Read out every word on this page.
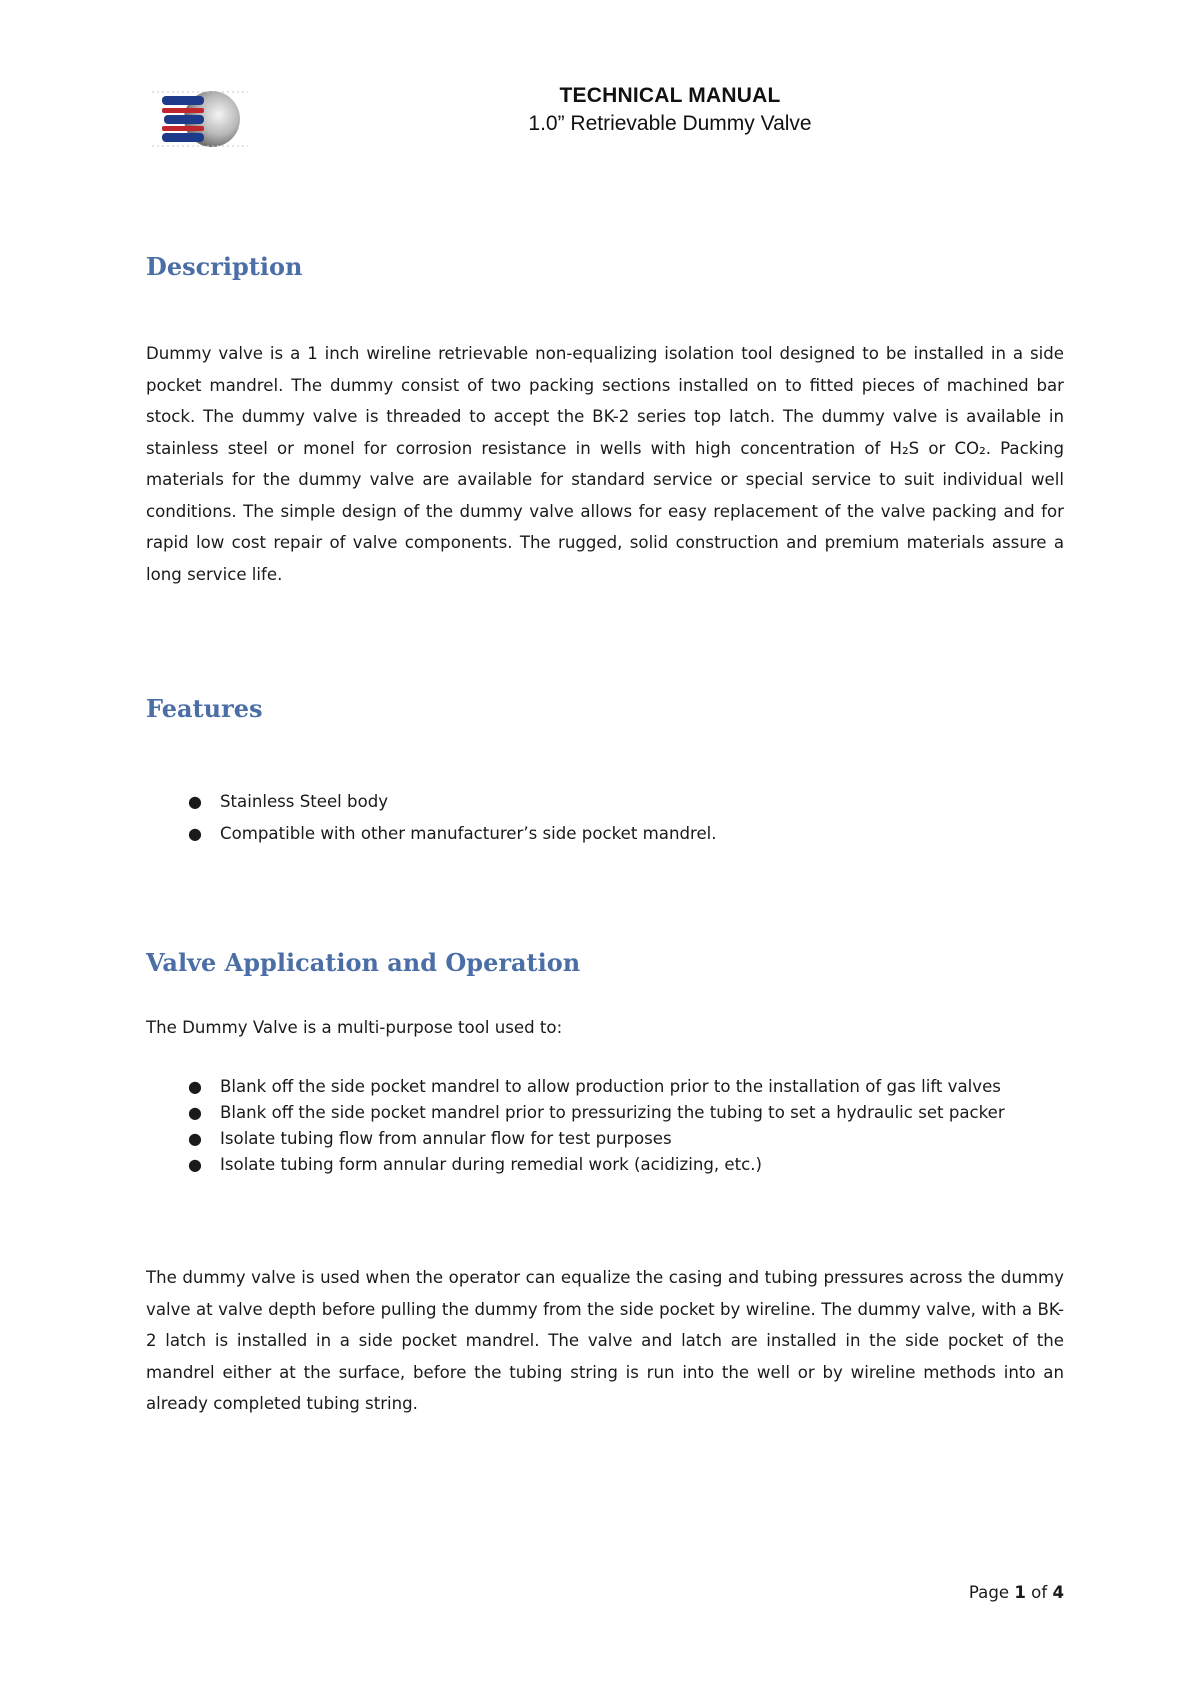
TECHNICAL MANUAL
1.0” Retrievable Dummy Valve
Description

Dummy valve is a 1 inch wireline retrievable non-equalizing isolation tool designed to be installed in a side pocket mandrel. The dummy consist of two packing sections installed on to fitted pieces of machined bar stock. The dummy valve is threaded to accept the BK-2 series top latch. The dummy valve is available in stainless steel or monel for corrosion resistance in wells with high concentration of H₂S or CO₂. Packing materials for the dummy valve are available for standard service or special service to suit individual well conditions. The simple design of the dummy valve allows for easy replacement of the valve packing and for rapid low cost repair of valve components. The rugged, solid construction and premium materials assure a long service life.

Features
● Stainless Steel body
● Compatible with other manufacturer’s side pocket mandrel.
Valve Application and Operation

The Dummy Valve is a multi-purpose tool used to:

● Blank off the side pocket mandrel to allow production prior to the installation of gas lift valves
● Blank off the side pocket mandrel prior to pressurizing the tubing to set a hydraulic set packer
● Isolate tubing flow from annular flow for test purposes
● Isolate tubing form annular during remedial work (acidizing, etc.)

The dummy valve is used when the operator can equalize the casing and tubing pressures across the dummy valve at valve depth before pulling the dummy from the side pocket by wireline. The dummy valve, with a BK-2 latch is installed in a side pocket mandrel. The valve and latch are installed in the side pocket of the mandrel either at the surface, before the tubing string is run into the well or by wireline methods into an already completed tubing string.

Page 1 of 4
